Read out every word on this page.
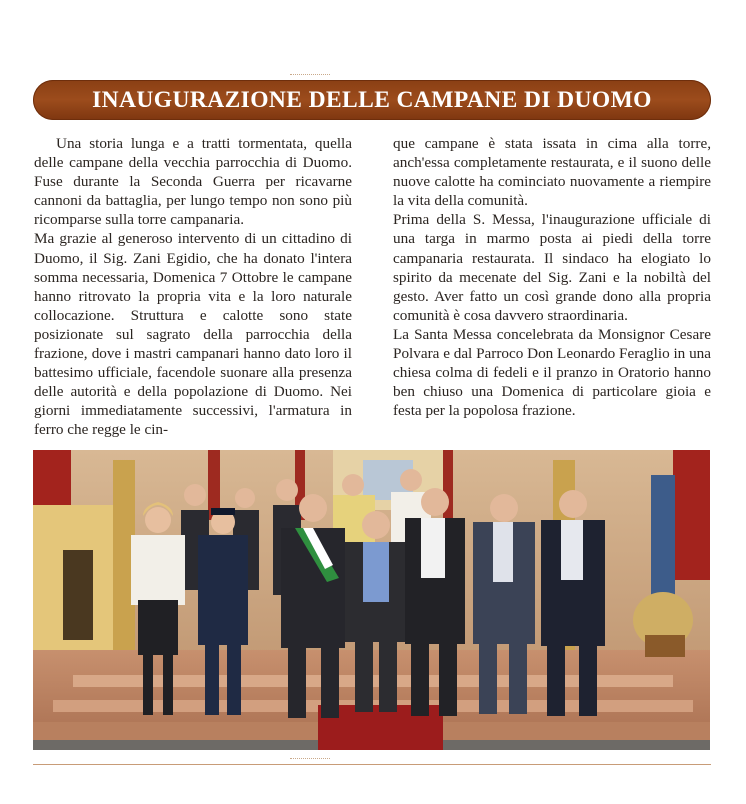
INAUGURAZIONE DELLE CAMPANE DI DUOMO

Una storia lunga e a tratti tormentata, quella delle campane della vecchia parrocchia di Duomo. Fuse durante la Seconda Guerra per ricavarne cannoni da battaglia, per lungo tempo non sono più ricomparse sulla torre campanaria.

Ma grazie al generoso intervento di un cittadino di Duomo, il Sig. Zani Egidio, che ha donato l'intera somma necessaria, Domenica 7 Ottobre le campane hanno ritrovato la propria vita e la loro naturale collocazione. Struttura e calotte sono state posizionate sul sagrato della parrocchia della frazione, dove i mastri campanari hanno dato loro il battesimo ufficiale, facendole suonare alla presenza delle autorità e della popolazione di Duomo. Nei giorni immediatamente successivi, l'armatura in ferro che regge le cin-

que campane è stata issata in cima alla torre, anch'essa completamente restaurata, e il suono delle nuove calotte ha cominciato nuovamente a riempire la vita della comunità.

Prima della S. Messa, l'inaugurazione ufficiale di una targa in marmo posta ai piedi della torre campanaria restaurata. Il sindaco ha elogiato lo spirito da mecenate del Sig. Zani e la nobiltà del gesto. Aver fatto un così grande dono alla propria comunità è cosa davvero straordinaria.

La Santa Messa concelebrata da Monsignor Cesare Polvara e dal Parroco Don Leonardo Feraglio in una chiesa colma di fedeli e il pranzo in Oratorio hanno ben chiuso una Domenica di particolare gioia e festa per la popolosa frazione.
